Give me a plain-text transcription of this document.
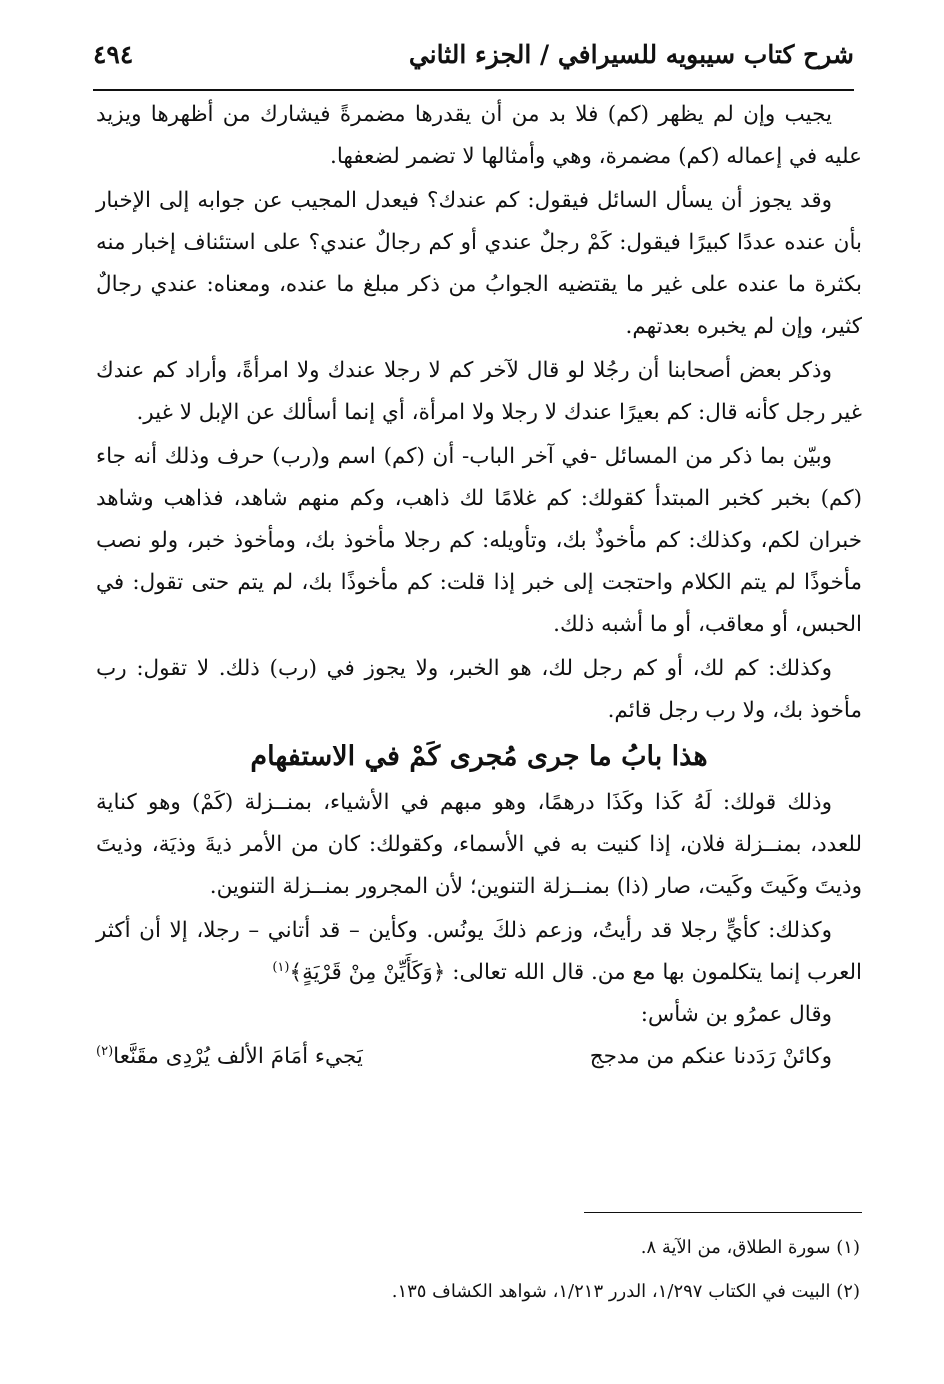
شرح كتاب سيبويه للسيرافي / الجزء الثاني
٤٩٤

يجيب وإن لم يظهر (كم) فلا بد من أن يقدرها مضمرةً فيشارك من أظهرها ويزيد عليه في إعماله (كم) مضمرة، وهي وأمثالها لا تضمر لضعفها.

وقد يجوز أن يسأل السائل فيقول: كم عندك؟ فيعدل المجيب عن جوابه إلى الإخبار بأن عنده عددًا كبيرًا فيقول: كَمْ رجلٌ عندي أو كم رجالٌ عندي؟ على استئناف إخبار منه بكثرة ما عنده على غير ما يقتضيه الجوابُ من ذكر مبلغ ما عنده، ومعناه: عندي رجالٌ كثير، وإن لم يخبره بعدتهم.

وذكر بعض أصحابنا أن رجُلا لو قال لآخر كم لا رجلا عندك ولا امرأةً، وأراد كم عندك غير رجل كأنه قال: كم بعيرًا عندك لا رجلا ولا امرأة، أي إنما أسألك عن الإبل لا غير.

وبيّن بما ذكر من المسائل -في آخر الباب- أن (كم) اسم و(رب) حرف وذلك أنه جاء (كم) بخبر كخبر المبتدأ كقولك: كم غلامًا لك ذاهب، وكم منهم شاهد، فذاهب وشاهد خبران لكم، وكذلك: كم مأخوذٌ بك، وتأويله: كم رجلا مأخوذ بك، ومأخوذ خبر، ولو نصب مأخوذًا لم يتم الكلام واحتجت إلى خبر إذا قلت: كم مأخوذًا بك، لم يتم حتى تقول: في الحبس، أو معاقب، أو ما أشبه ذلك.

وكذلك: كم لك، أو كم رجل لك، هو الخبر، ولا يجوز في (رب) ذلك. لا تقول: رب مأخوذ بك، ولا رب رجل قائم.

هذا بابُ ما جرى مُجرى كَمْ في الاستفهام

وذلك قولك: لَهُ كَذا وكَذَا درهمًا، وهو مبهم في الأشياء، بمنــزلة (كَمْ) وهو كناية للعدد، بمنــزلة فلان، إذا كنيت به في الأسماء، وكقولك: كان من الأمر ذيةَ وذيَة، وذيتَ وذيتَ وكَيتَ وكَيت، صار (ذا) بمنــزلة التنوين؛ لأن المجرور بمنــزلة التنوين.

وكذلك: كأيٍّ رجلا قد رأيتُ، وزعم ذلكَ يونُس. وكأين – قد أتاني – رجلا، إلا أن أكثر العرب إنما يتكلمون بها مع من. قال الله تعالى: ﴿وَكَأَيِّنْ مِنْ قَرْيَةٍ﴾$^{(١)}$

وقال عمرُو بن شأس:

وكائنْ رَدَدنا عنكم من مدجج
يَجيء أمَامَ الألف يُرْدِى مقَنَّعا(٢)

(١) سورة الطلاق، من الآية ٨.

(٢) البيت في الكتاب ١/٢٩٧، الدرر ١/٢١٣، شواهد الكشاف ١٣٥.
